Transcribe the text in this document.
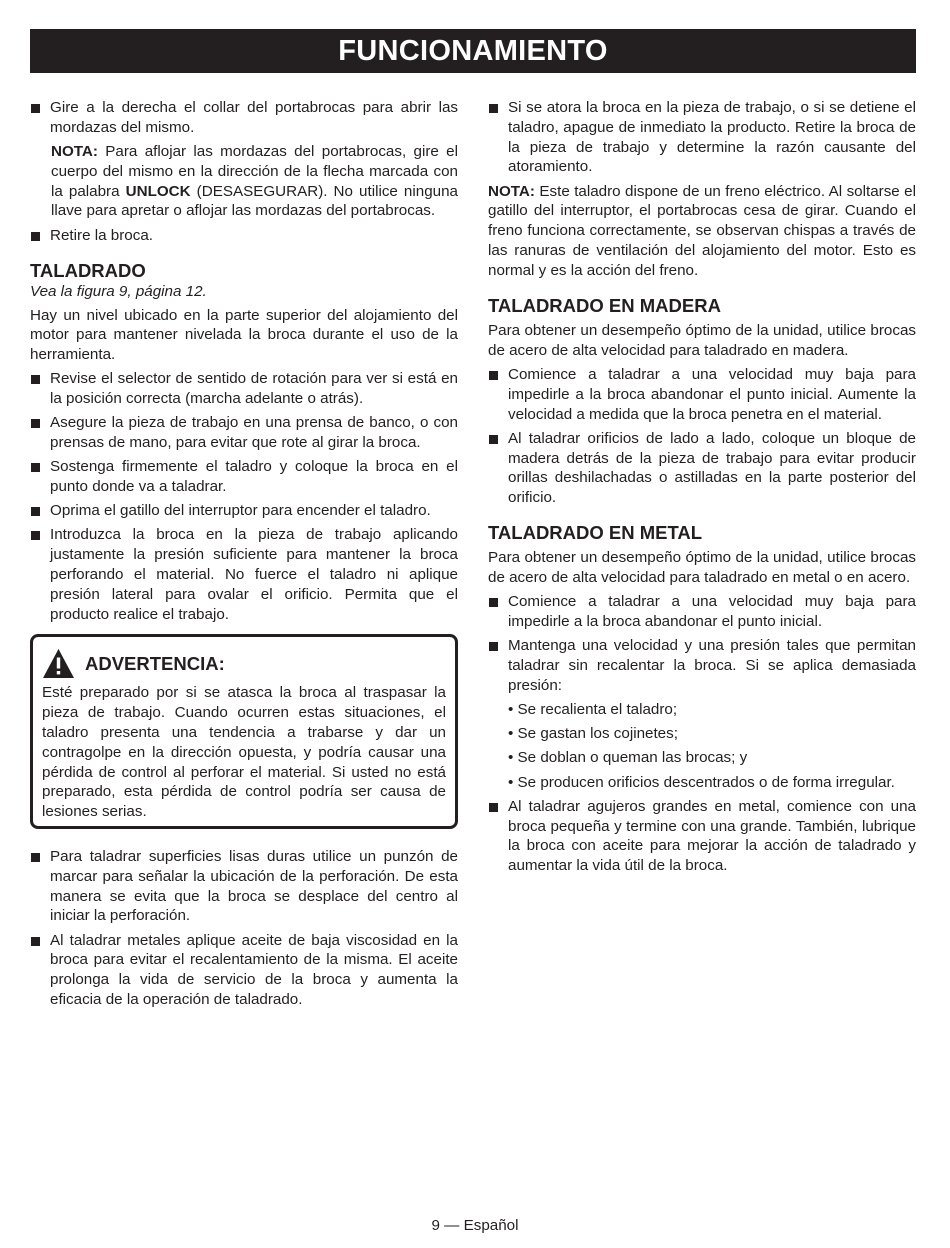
FUNCIONAMIENTO
Gire a la derecha el collar del portabrocas para abrir las mordazas del mismo.

NOTA: Para aflojar las mordazas del portabrocas, gire el cuerpo del mismo en la dirección de la flecha marcada con la palabra UNLOCK (DESASEGURAR). No utilice ninguna llave para apretar o aflojar las mordazas del portabrocas.

Retire la broca.
TALADRADO

Vea la figura 9, página 12.

Hay un nivel ubicado en la parte superior del alojamiento del motor para mantener nivelada la broca durante el uso de la herramienta.

Revise el selector de sentido de rotación para ver si está en la posición correcta (marcha adelante o atrás).
Asegure la pieza de trabajo en una prensa de banco, o con prensas de mano, para evitar que rote al girar la broca.
Sostenga firmemente el taladro y coloque la broca en el punto donde va a taladrar.
Oprima el gatillo del interruptor para encender el taladro.
Introduzca la broca en la pieza de trabajo aplicando justamente la presión suficiente para mantener la broca perforando el material. No fuerce el taladro ni aplique presión lateral para ovalar el orificio. Permita que el producto realice el trabajo.
ADVERTENCIA:

Esté preparado por si se atasca la broca al traspasar la pieza de trabajo. Cuando ocurren estas situaciones, el taladro presenta una tendencia a trabarse y dar un contragolpe en la dirección opuesta, y podría causar una pérdida de control al perforar el material. Si usted no está preparado, esta pérdida de control podría ser causa de lesiones serias.

Para taladrar superficies lisas duras utilice un punzón de marcar para señalar la ubicación de la perforación. De esta manera se evita que la broca se desplace del centro al iniciar la perforación.
Al taladrar metales aplique aceite de baja viscosidad en la broca para evitar el recalentamiento de la misma. El aceite prolonga la vida de servicio de la broca y aumenta la eficacia de la operación de taladrado.
Si se atora la broca en la pieza de trabajo, o si se detiene el taladro, apague de inmediato la producto. Retire la broca de la pieza de trabajo y determine la razón causante del atoramiento.

NOTA: Este taladro dispone de un freno eléctrico. Al soltarse el gatillo del interruptor, el portabrocas cesa de girar. Cuando el freno funciona correctamente, se observan chispas a través de las ranuras de ventilación del alojamiento del motor. Esto es normal y es la acción del freno.

TALADRADO EN MADERA

Para obtener un desempeño óptimo de la unidad, utilice brocas de acero de alta velocidad para taladrado en madera.

Comience a taladrar a una velocidad muy baja para impedirle a la broca abandonar el punto inicial. Aumente la velocidad a medida que la broca penetra en el material.
Al taladrar orificios de lado a lado, coloque un bloque de madera detrás de la pieza de trabajo para evitar producir orillas deshilachadas o astilladas en la parte posterior del orificio.
TALADRADO EN METAL

Para obtener un desempeño óptimo de la unidad, utilice brocas de acero de alta velocidad para taladrado en metal o en acero.

Comience a taladrar a una velocidad muy baja para impedirle a la broca abandonar el punto inicial.
Mantenga una velocidad y una presión tales que permitan taladrar sin recalentar la broca. Si se aplica demasiada presión:

• Se recalienta el taladro;

• Se gastan los cojinetes;

• Se doblan o queman las brocas; y

• Se producen orificios descentrados o de forma irregular.

Al taladrar agujeros grandes en metal, comience con una broca pequeña y termine con una grande. También, lubrique la broca con aceite para mejorar la acción de taladrado y aumentar la vida útil de la broca.
9 — Español
